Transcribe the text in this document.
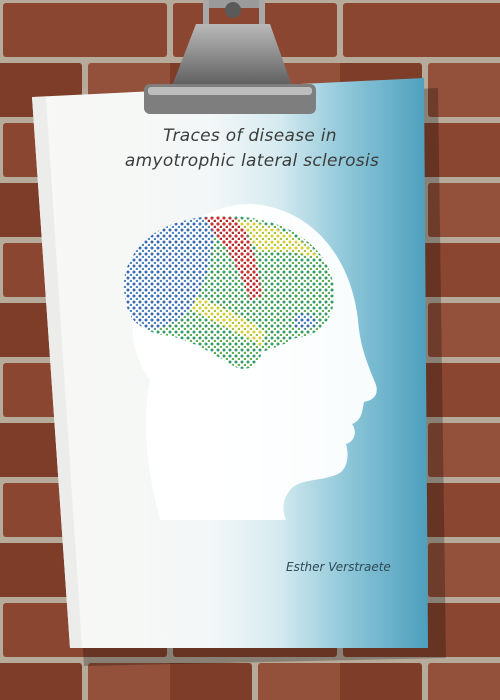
Traces of disease in
amyotrophic lateral sclerosis
Esther Verstraete
